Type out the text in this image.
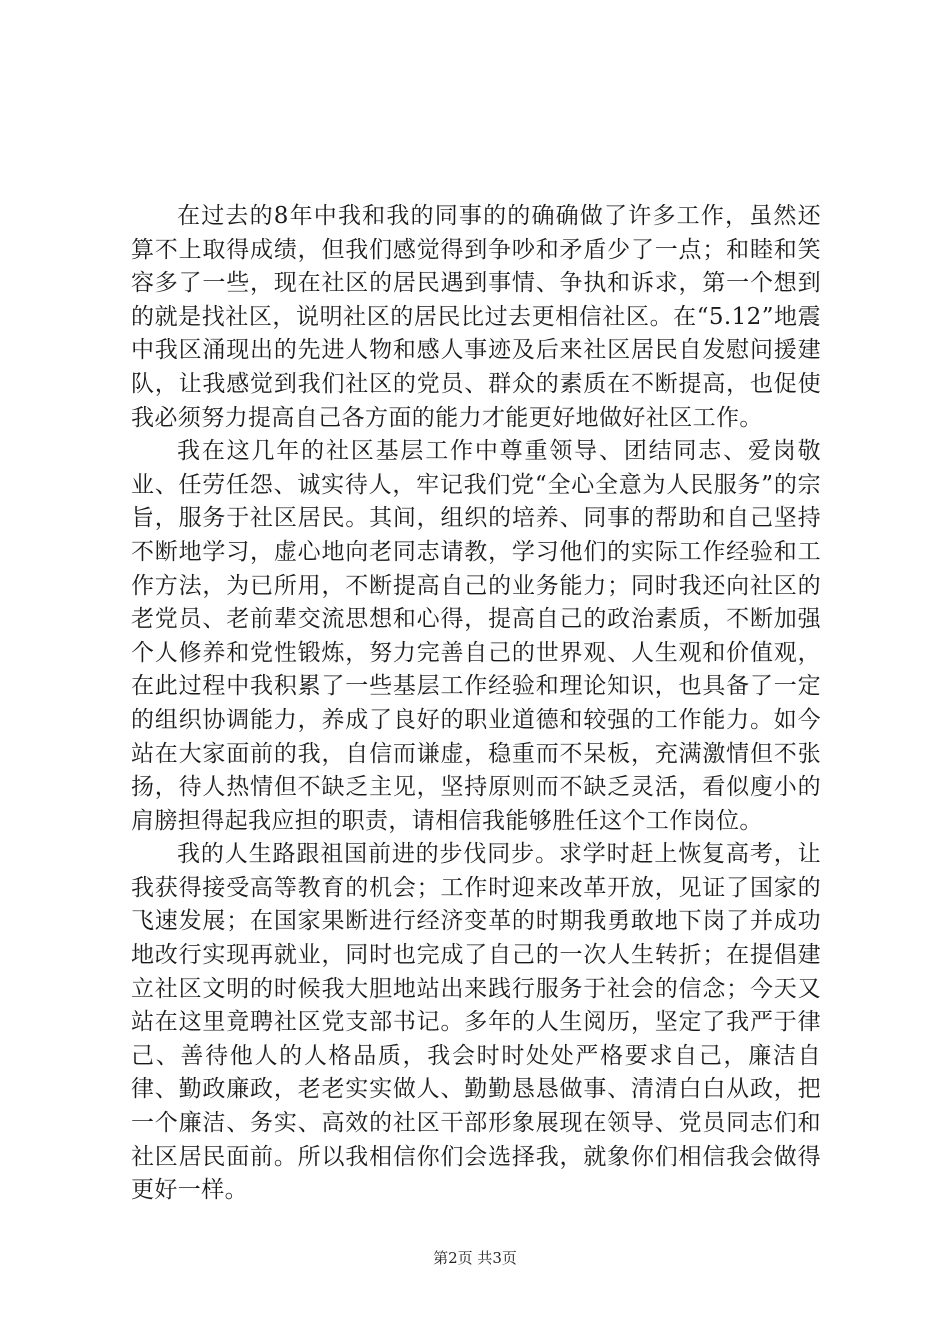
在过去的8年中我和我的同事的的确确做了许多工作，虽然还算不上取得成绩，但我们感觉得到争吵和矛盾少了一点；和睦和笑容多了一些，现在社区的居民遇到事情、争执和诉求，第一个想到的就是找社区，说明社区的居民比过去更相信社区。在“5.12”地震中我区涌现出的先进人物和感人事迹及后来社区居民自发慰问援建队，让我感觉到我们社区的党员、群众的素质在不断提高，也促使我必须努力提高自己各方面的能力才能更好地做好社区工作。

我在这几年的社区基层工作中尊重领导、团结同志、爱岗敬业、任劳任怨、诚实待人，牢记我们党“全心全意为人民服务”的宗旨，服务于社区居民。其间，组织的培养、同事的帮助和自己坚持不断地学习，虚心地向老同志请教，学习他们的实际工作经验和工作方法，为已所用，不断提高自己的业务能力；同时我还向社区的老党员、老前辈交流思想和心得，提高自己的政治素质，不断加强个人修养和党性锻炼，努力完善自己的世界观、人生观和价值观，在此过程中我积累了一些基层工作经验和理论知识，也具备了一定的组织协调能力，养成了良好的职业道德和较强的工作能力。如今站在大家面前的我，自信而谦虚，稳重而不呆板，充满激情但不张扬，待人热情但不缺乏主见，坚持原则而不缺乏灵活，看似廋小的肩膀担得起我应担的职责，请相信我能够胜任这个工作岗位。

我的人生路跟祖国前进的步伐同步。求学时赶上恢复高考，让我获得接受高等教育的机会；工作时迎来改革开放，见证了国家的飞速发展；在国家果断进行经济变革的时期我勇敢地下岗了并成功地改行实现再就业，同时也完成了自己的一次人生转折；在提倡建立社区文明的时候我大胆地站出来践行服务于社会的信念；今天又站在这里竟聘社区党支部书记。多年的人生阅历，坚定了我严于律己、善待他人的人格品质，我会时时处处严格要求自己，廉洁自律、勤政廉政，老老实实做人、勤勤恳恳做事、清清白白从政，把一个廉洁、务实、高效的社区干部形象展现在领导、党员同志们和社区居民面前。所以我相信你们会选择我，就象你们相信我会做得更好一样。

第2页 共3页
